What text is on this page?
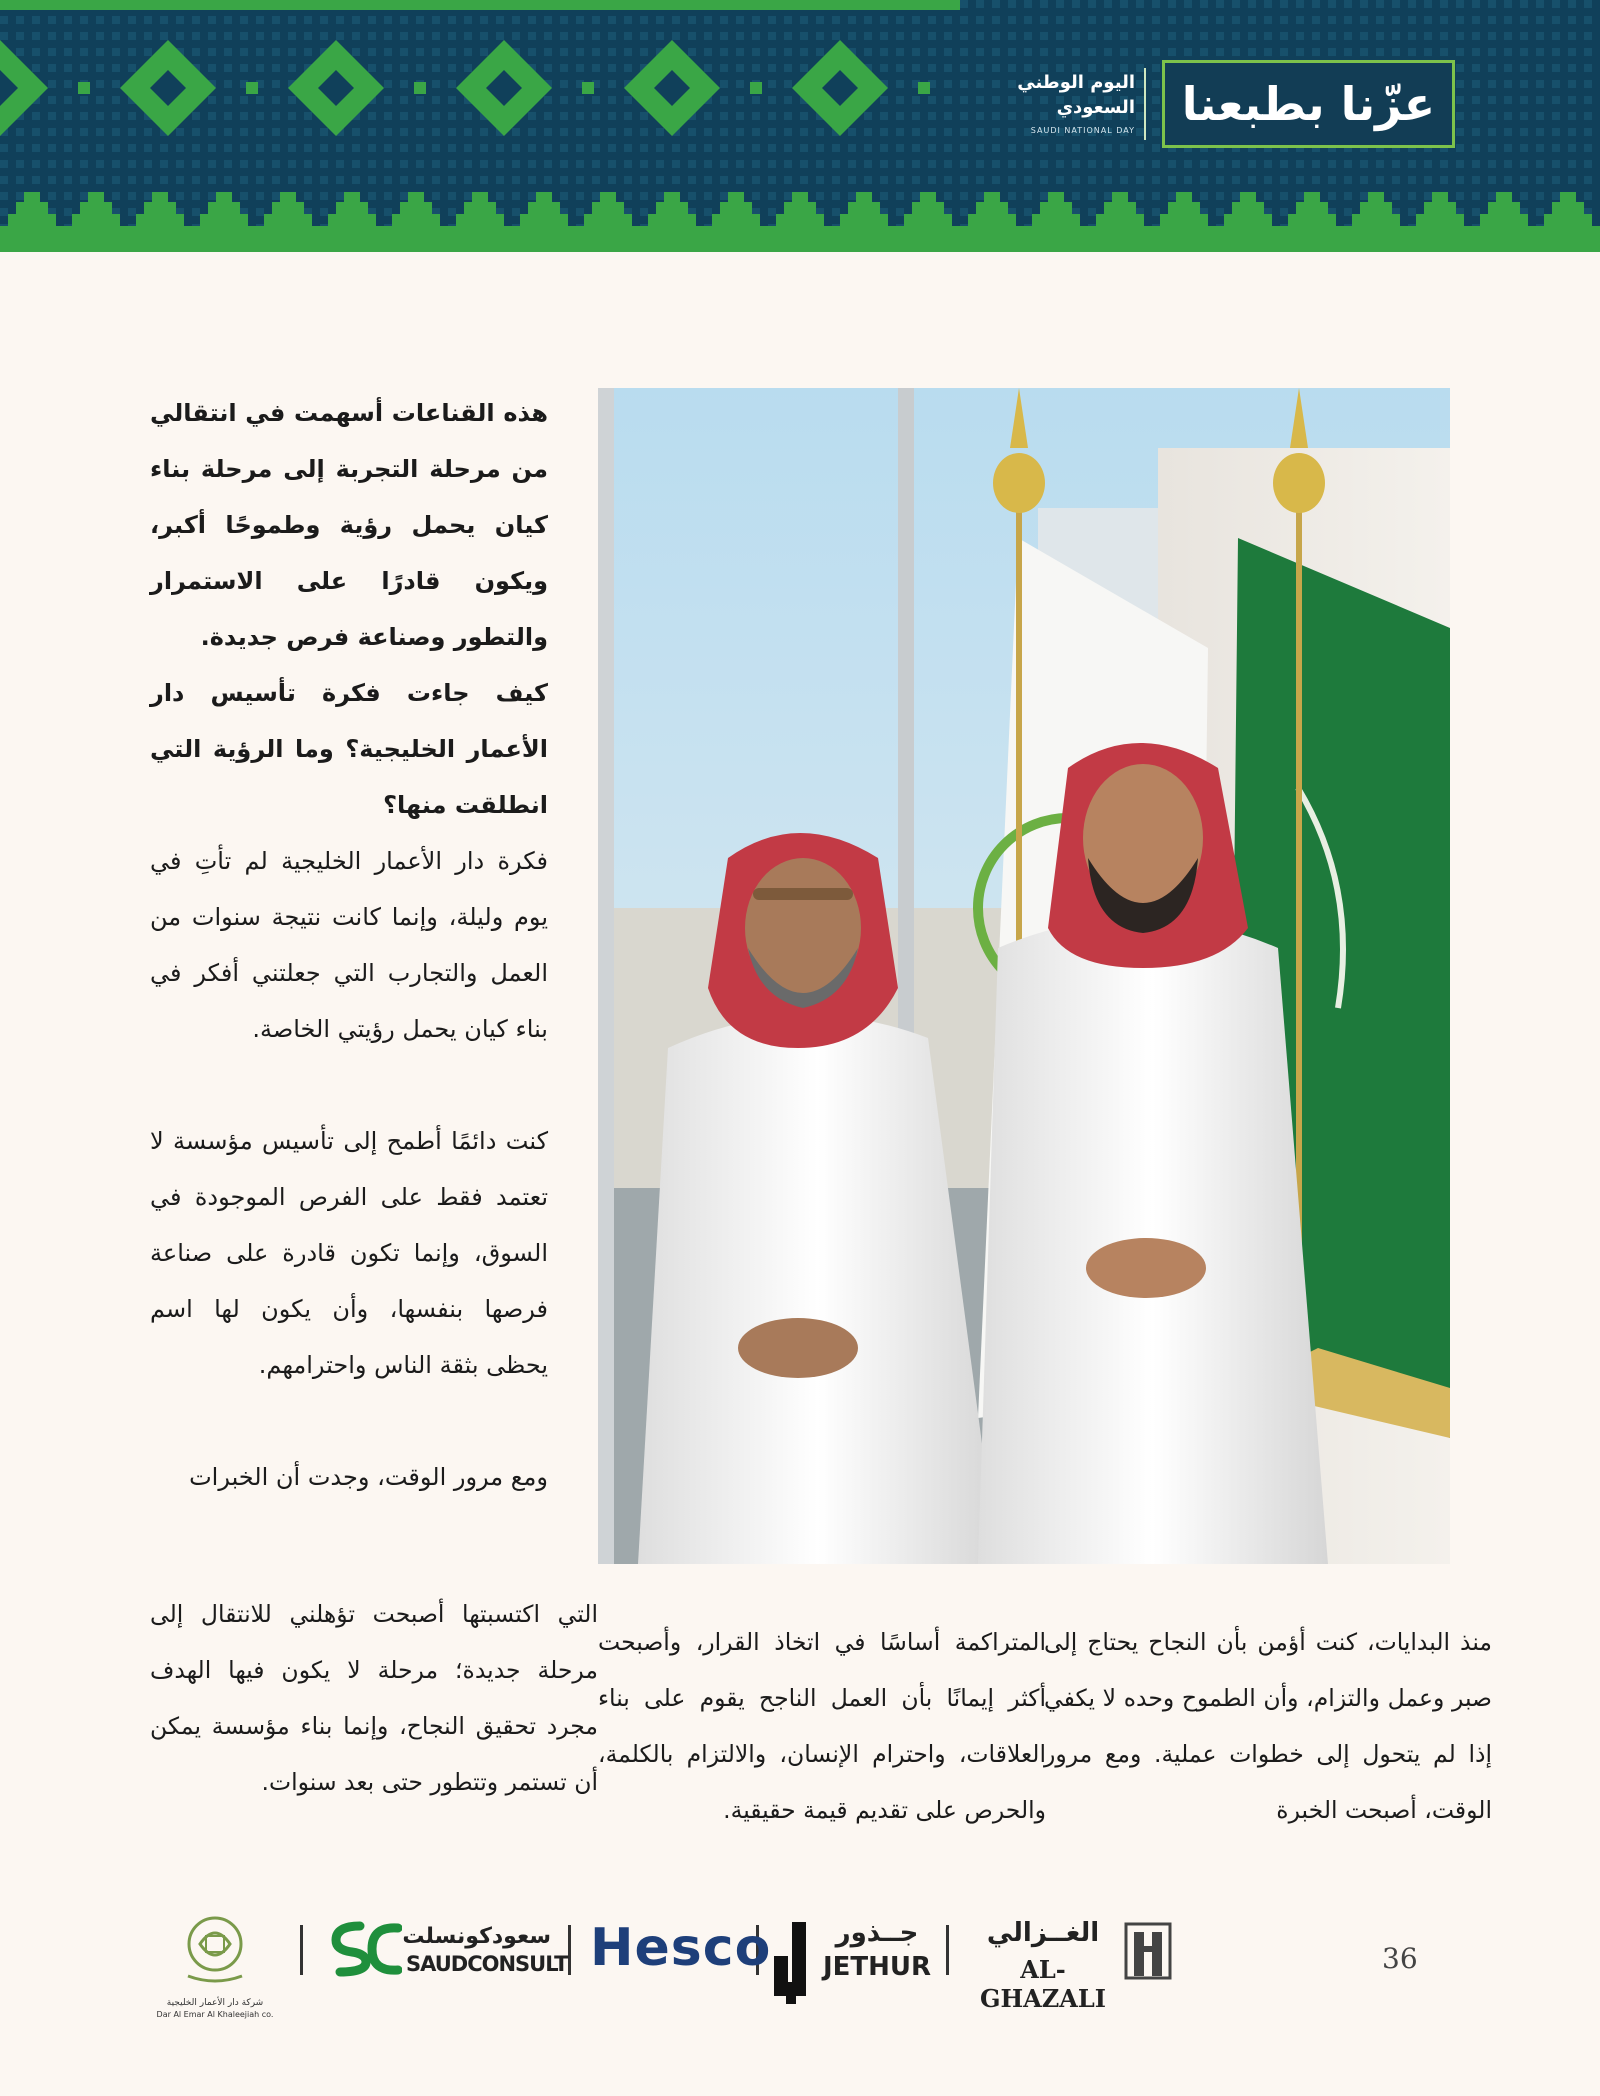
عزّنا بطبعنا
اليوم الوطني
السعودي
SAUDI NATIONAL DAY

هذه القناعات أسهمت في انتقالي من مرحلة التجربة إلى مرحلة بناء كيان يحمل رؤية وطموحًا أكبر، ويكون قادرًا على الاستمرار والتطور وصناعة فرص جديدة.

كيف جاءت فكرة تأسيس دار الأعمار الخليجية؟ وما الرؤية التي انطلقت منها؟

فكرة دار الأعمار الخليجية لم تأتِ في يوم وليلة، وإنما كانت نتيجة سنوات من العمل والتجارب التي جعلتني أفكر في بناء كيان يحمل رؤيتي الخاصة.

كنت دائمًا أطمح إلى تأسيس مؤسسة لا تعتمد فقط على الفرص الموجودة في السوق، وإنما تكون قادرة على صناعة فرصها بنفسها، وأن يكون لها اسم يحظى بثقة الناس واحترامهم.

ومع مرور الوقت، وجدت أن الخبرات

منذ البدايات، كنت أؤمن بأن النجاح يحتاج إلى صبر وعمل والتزام، وأن الطموح وحده لا يكفي إذا لم يتحول إلى خطوات عملية. ومع مرور الوقت، أصبحت الخبرة
المتراكمة أساسًا في اتخاذ القرار، وأصبحت أكثر إيمانًا بأن العمل الناجح يقوم على بناء العلاقات، واحترام الإنسان، والالتزام بالكلمة، والحرص على تقديم قيمة حقيقية.
التي اكتسبتها أصبحت تؤهلني للانتقال إلى مرحلة جديدة؛ مرحلة لا يكون فيها الهدف مجرد تحقيق النجاح، وإنما بناء مؤسسة يمكن أن تستمر وتتطور حتى بعد سنوات.
36
الغــزالي
AL-GHAZALI
جــذور
JETHUR
Hesco
سعودكونسلت
SAUDCONSULT
شركة دار الأعمار الخليجية
Dar Al Emar Al Khaleejiah co.
